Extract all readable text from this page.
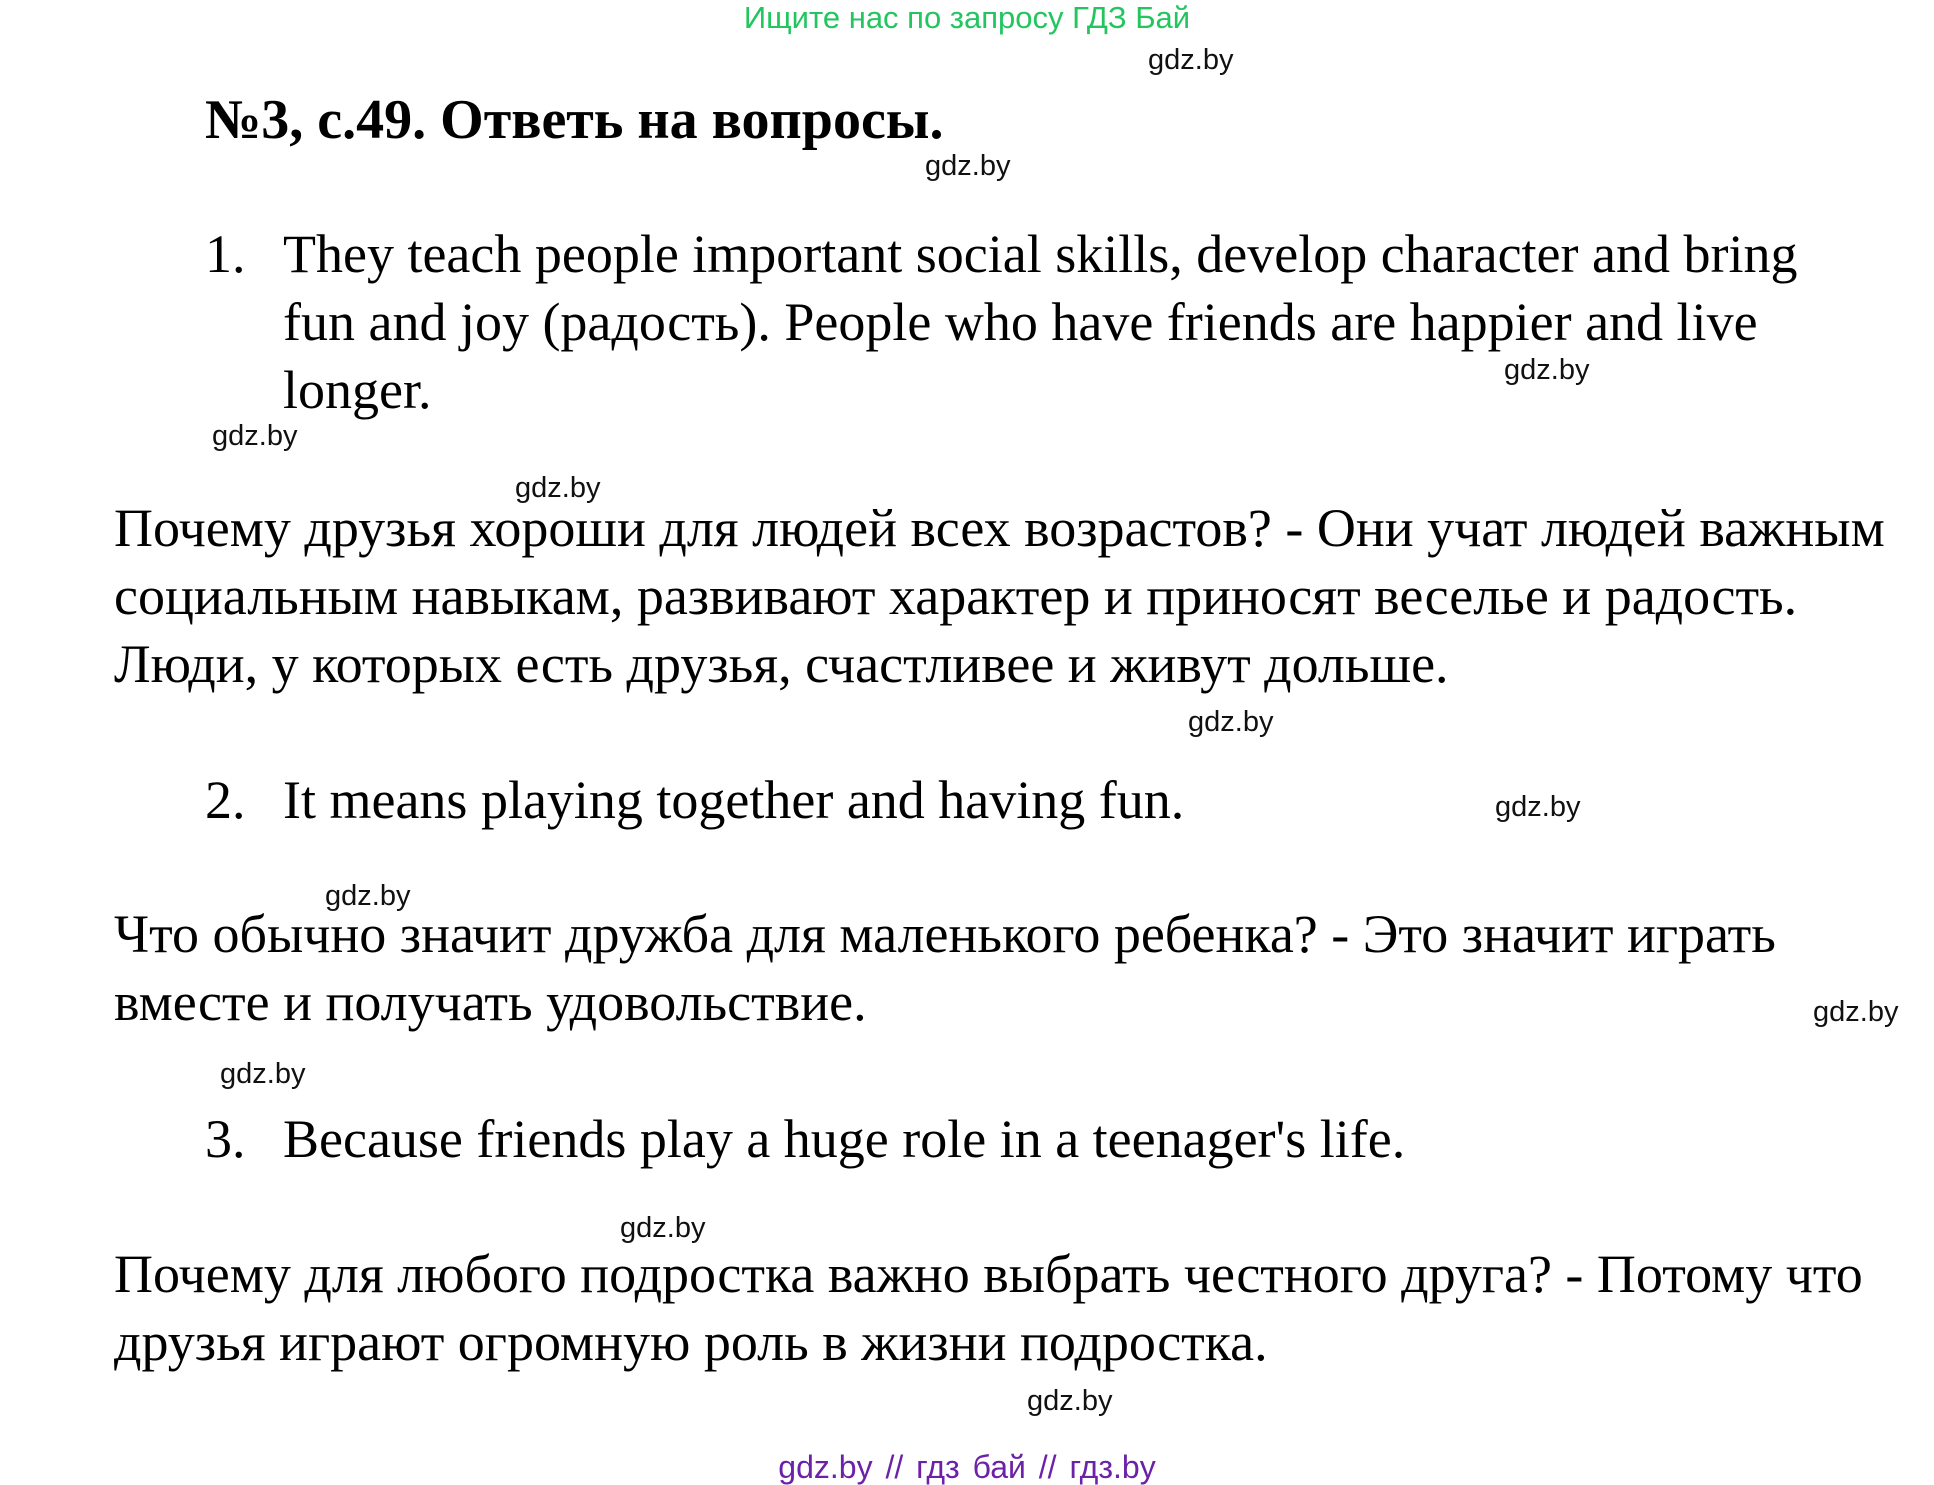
Ищите нас по запросу ГДЗ Бай
№3, с.49. Ответь на вопросы.
1. They teach people important social skills, develop character and bring fun and joy (радость). People who have friends are happier and live longer.
Почему друзья хороши для людей всех возрастов? - Они учат людей важным социальным навыкам, развивают характер и приносят веселье и радость. Люди, у которых есть друзья, счастливее и живут дольше.
2. It means playing together and having fun.
Что обычно значит дружба для маленького ребенка? - Это значит играть вместе и получать удовольствие.
3. Because friends play a huge role in a teenager's life.
Почему для любого подростка важно выбрать честного друга? - Потому что друзья играют огромную роль в жизни подростка.
gdz.by
gdz.by
gdz.by
gdz.by
gdz.by
gdz.by
gdz.by
gdz.by
gdz.by
gdz.by
gdz.by
gdz.by
gdz.by // гдз бай // гдз.by
